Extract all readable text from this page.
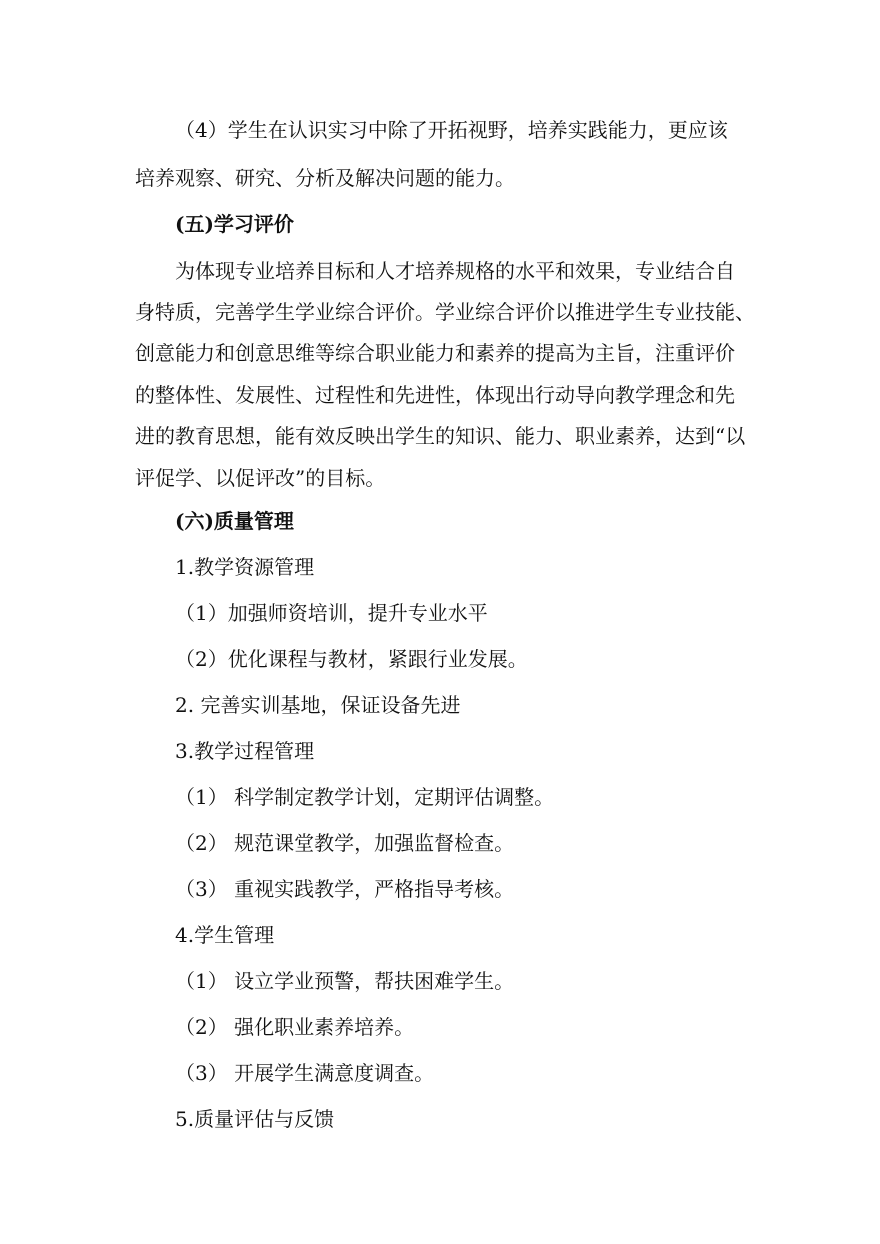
（4）学生在认识实习中除了开拓视野，培养实践能力，更应该
培养观察、研究、分析及解决问题的能力。
(五)学习评价
为体现专业培养目标和人才培养规格的水平和效果，专业结合自
身特质，完善学生学业综合评价。学业综合评价以推进学生专业技能、
创意能力和创意思维等综合职业能力和素养的提高为主旨，注重评价
的整体性、发展性、过程性和先进性，体现出行动导向教学理念和先
进的教育思想，能有效反映出学生的知识、能力、职业素养，达到“以
评促学、以促评改”的目标。
(六)质量管理
1.教学资源管理
（1）加强师资培训，提升专业水平
（2）优化课程与教材，紧跟行业发展。
2. 完善实训基地，保证设备先进
3.教学过程管理
（1） 科学制定教学计划，定期评估调整。
（2） 规范课堂教学，加强监督检查。
（3） 重视实践教学，严格指导考核。
4.学生管理
（1） 设立学业预警，帮扶困难学生。
（2） 强化职业素养培养。
（3） 开展学生满意度调查。
5.质量评估与反馈
